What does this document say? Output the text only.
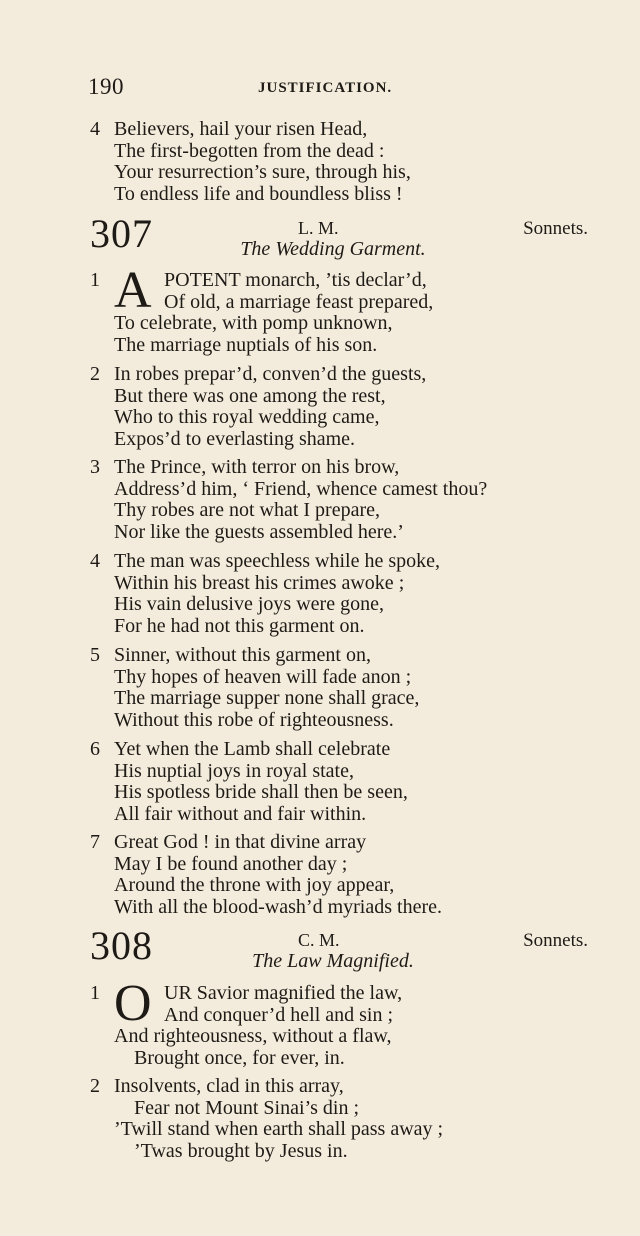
190	JUSTIFICATION.
4 Believers, hail your risen Head,
The first-begotten from the dead :
Your resurrection’s sure, through his,
To endless life and boundless bliss !
307	L. M.	Sonnets.
The Wedding Garment.
1 A POTENT monarch, ’tis declar’d,
Of old, a marriage feast prepared,
To celebrate, with pomp unknown,
The marriage nuptials of his son.
2 In robes prepar’d, conven’d the guests,
But there was one among the rest,
Who to this royal wedding came,
Expos’d to everlasting shame.
3 The Prince, with terror on his brow,
Address’d him, ‘ Friend, whence camest thou?
Thy robes are not what I prepare,
Nor like the guests assembled here.’
4 The man was speechless while he spoke,
Within his breast his crimes awoke ;
His vain delusive joys were gone,
For he had not this garment on.
5 Sinner, without this garment on,
Thy hopes of heaven will fade anon ;
The marriage supper none shall grace,
Without this robe of righteousness.
6 Yet when the Lamb shall celebrate
His nuptial joys in royal state,
His spotless bride shall then be seen,
All fair without and fair within.
7 Great God ! in that divine array
May I be found another day ;
Around the throne with joy appear,
With all the blood-wash’d myriads there.
308	C. M.	Sonnets.
The Law Magnified.
1 O UR Savior magnified the law,
And conquer’d hell and sin ;
And righteousness, without a flaw,
Brought once, for ever, in.
2 Insolvents, clad in this array,
Fear not Mount Sinai’s din ;
’Twill stand when earth shall pass away ;
’Twas brought by Jesus in.
